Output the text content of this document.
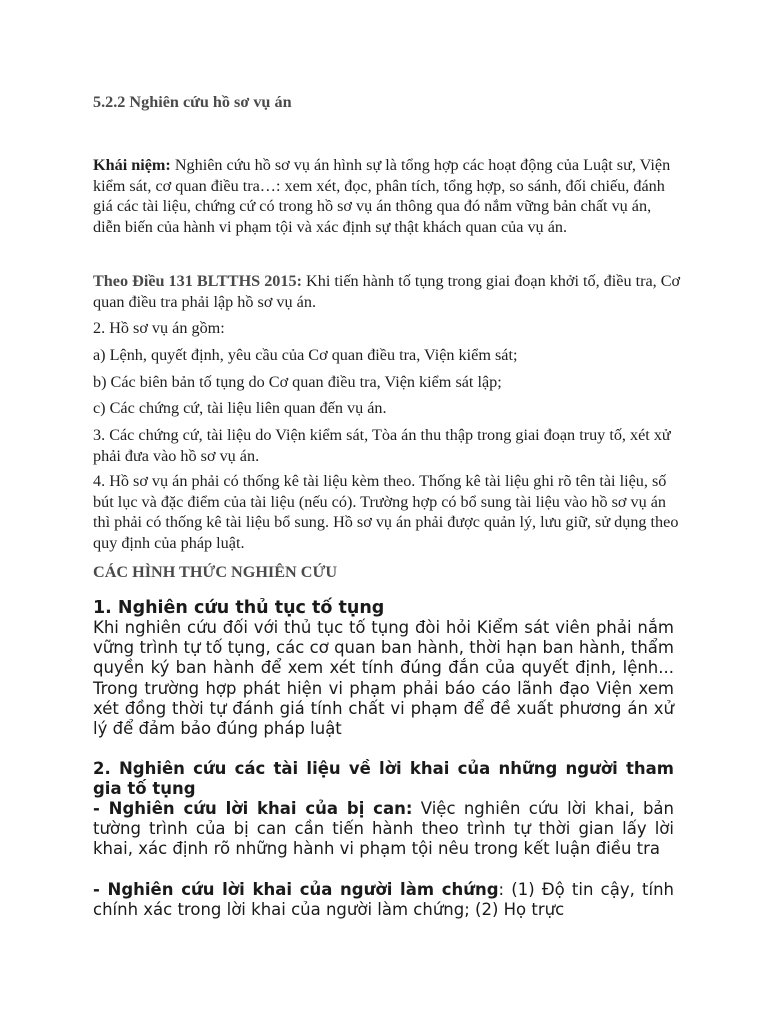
5.2.2 Nghiên cứu hồ sơ vụ án

Khái niệm: Nghiên cứu hồ sơ vụ án hình sự là tổng hợp các hoạt động của Luật sư, Viện kiểm sát, cơ quan điều tra…: xem xét, đọc, phân tích, tổng hợp, so sánh, đối chiếu, đánh giá các tài liệu, chứng cứ có trong hồ sơ vụ án thông qua đó nắm vững bản chất vụ án, diễn biến của hành vi phạm tội và xác định sự thật khách quan của vụ án.

Theo Điều 131 BLTTHS 2015: Khi tiến hành tố tụng trong giai đoạn khởi tố, điều tra, Cơ quan điều tra phải lập hồ sơ vụ án.

2. Hồ sơ vụ án gồm:

a) Lệnh, quyết định, yêu cầu của Cơ quan điều tra, Viện kiểm sát;

b) Các biên bản tố tụng do Cơ quan điều tra, Viện kiểm sát lập;

c) Các chứng cứ, tài liệu liên quan đến vụ án.

3. Các chứng cứ, tài liệu do Viện kiểm sát, Tòa án thu thập trong giai đoạn truy tố, xét xử phải đưa vào hồ sơ vụ án.

4. Hồ sơ vụ án phải có thống kê tài liệu kèm theo. Thống kê tài liệu ghi rõ tên tài liệu, số bút lục và đặc điểm của tài liệu (nếu có). Trường hợp có bổ sung tài liệu vào hồ sơ vụ án thì phải có thống kê tài liệu bổ sung. Hồ sơ vụ án phải được quản lý, lưu giữ, sử dụng theo quy định của pháp luật.

CÁC HÌNH THỨC NGHIÊN CỨU
1. Nghiên cứu thủ tục tố tụng

Khi nghiên cứu đối với thủ tục tố tụng đòi hỏi Kiểm sát viên phải nắm vững trình tự tố tụng, các cơ quan ban hành, thời hạn ban hành, thẩm quyền ký ban hành để xem xét tính đúng đắn của quyết định, lệnh... Trong trường hợp phát hiện vi phạm phải báo cáo lãnh đạo Viện xem xét đồng thời tự đánh giá tính chất vi phạm để đề xuất phương án xử lý để đảm bảo đúng pháp luật

2. Nghiên cứu các tài liệu về lời khai của những người tham gia tố tụng

- Nghiên cứu lời khai của bị can: Việc nghiên cứu lời khai, bản tường trình của bị can cần tiến hành theo trình tự thời gian lấy lời khai, xác định rõ những hành vi phạm tội nêu trong kết luận điều tra

- Nghiên cứu lời khai của người làm chứng: (1) Độ tin cậy, tính chính xác trong lời khai của người làm chứng; (2) Họ trực
